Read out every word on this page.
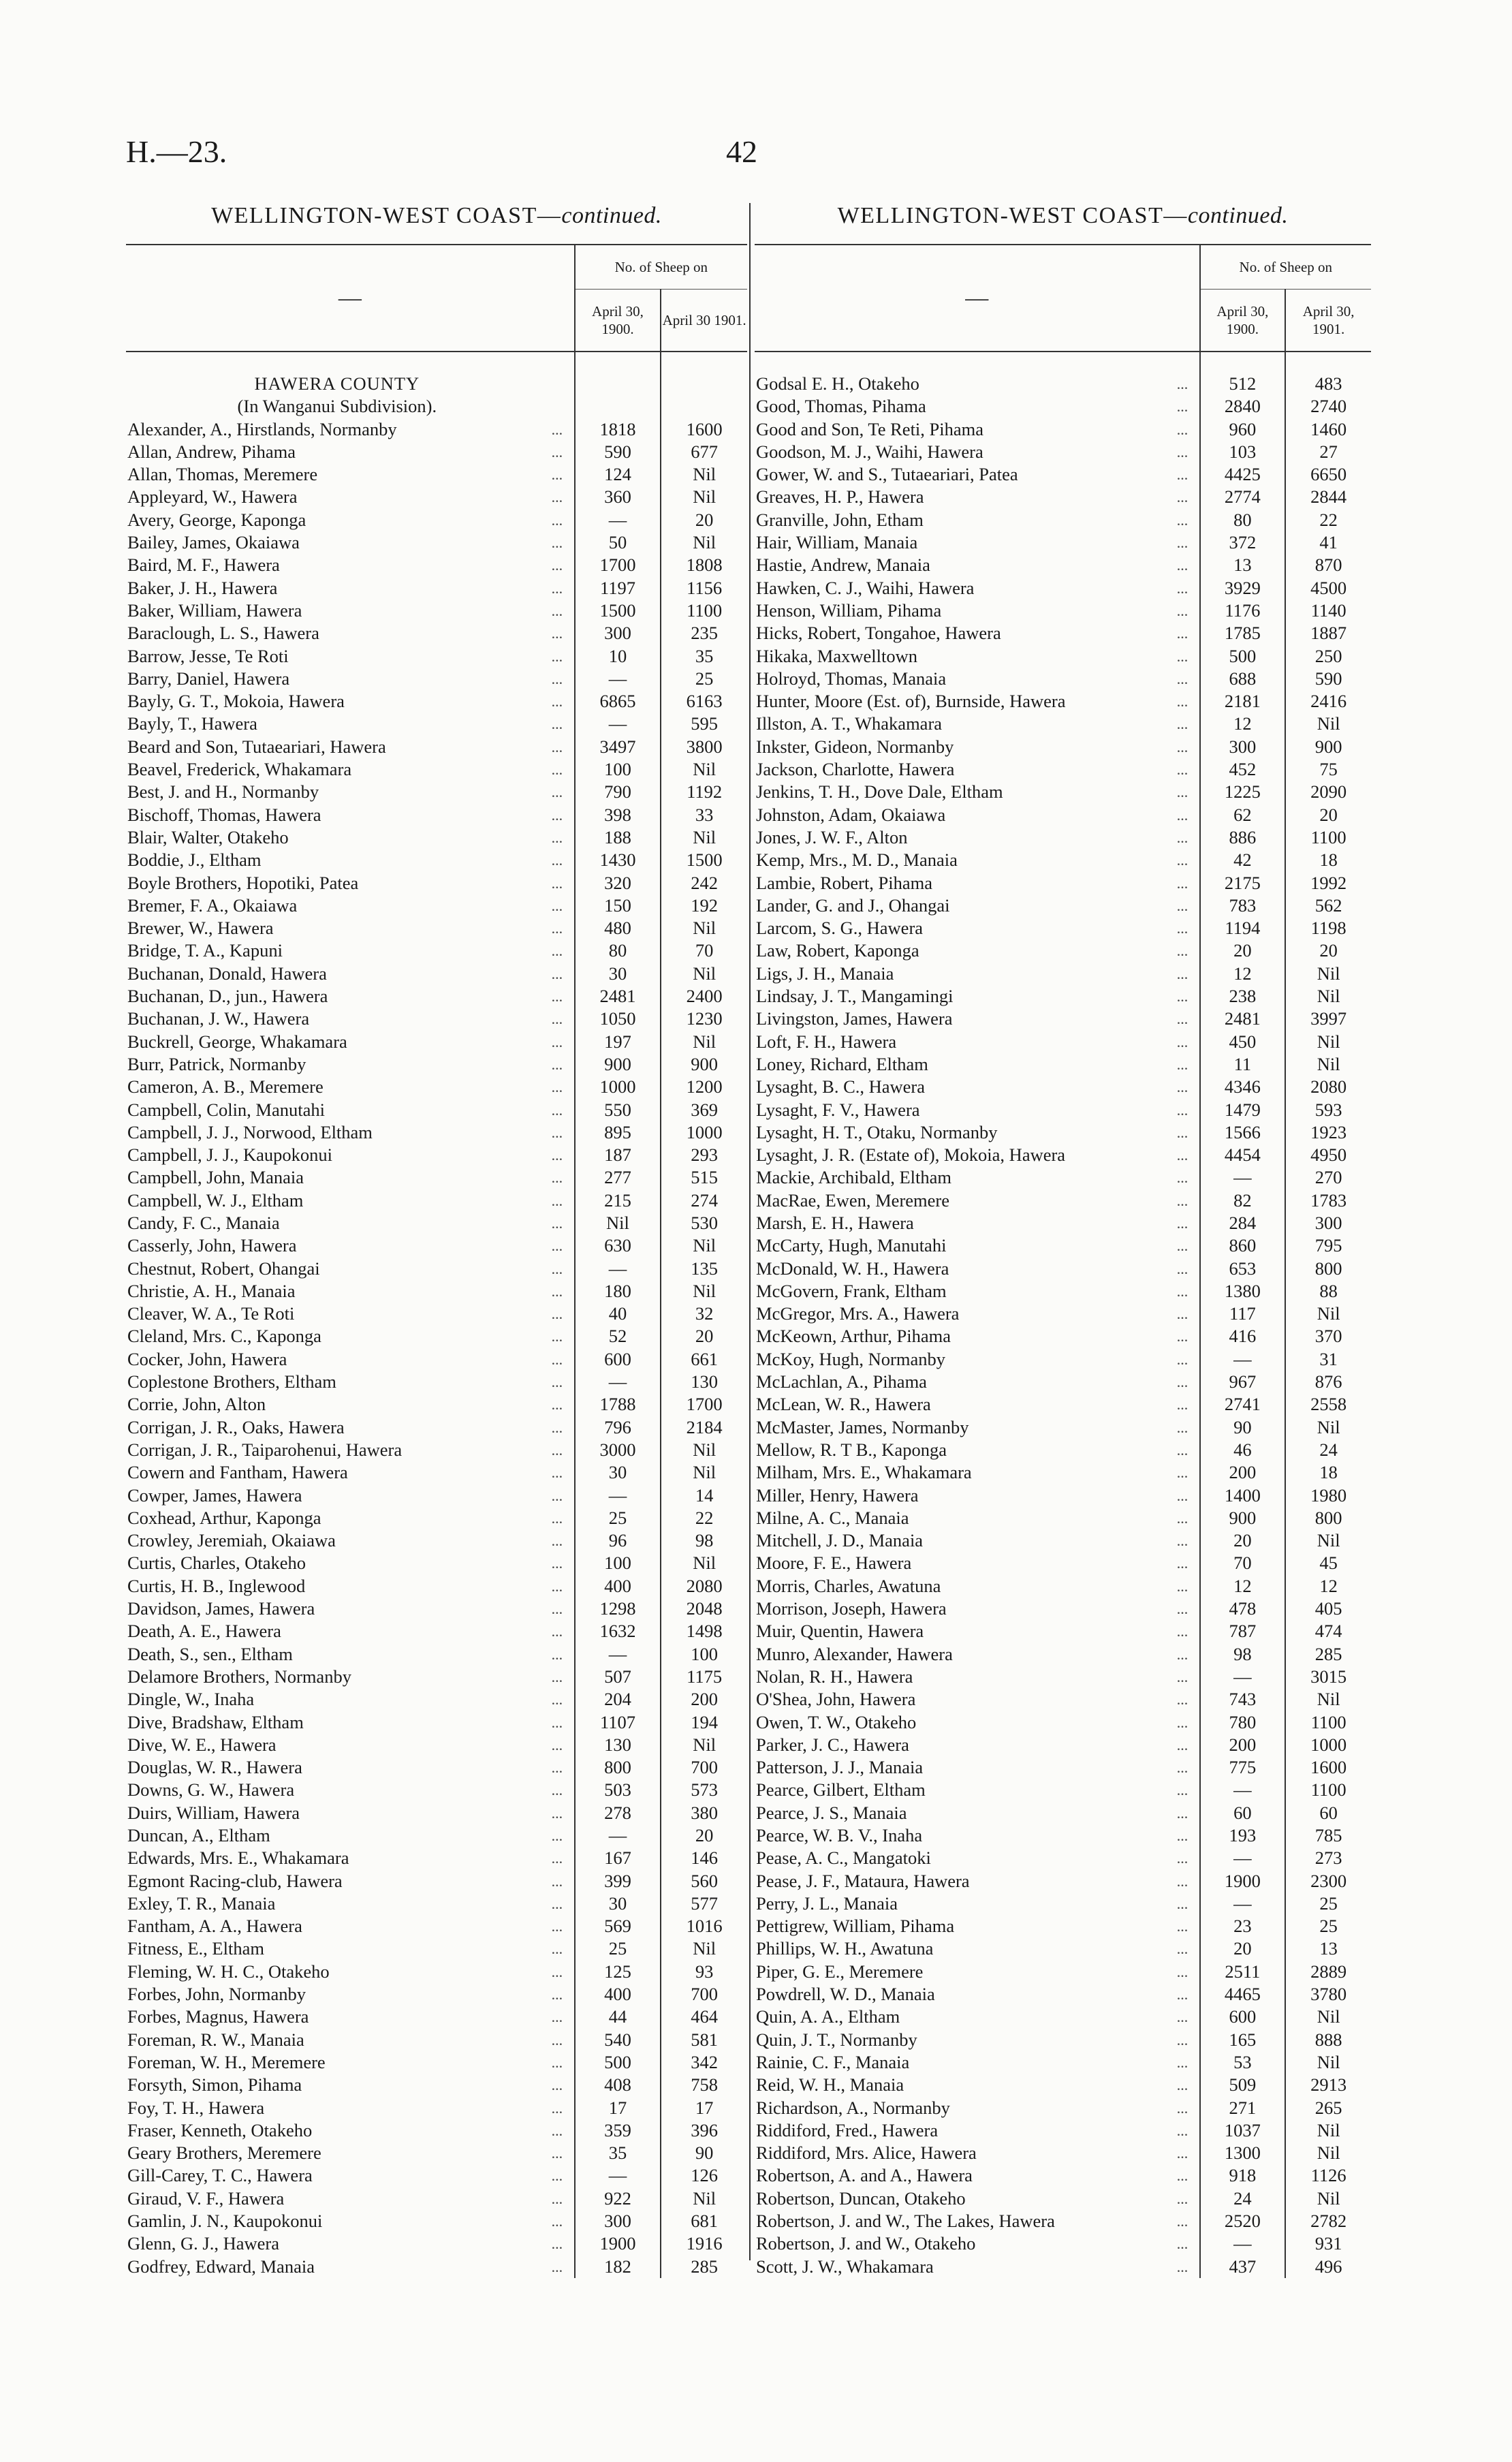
H.—23.	42
WELLINGTON-WEST COAST—continued.
—		No. of Sheep on	
		April 30, 1900.	April 30 1901.

HAWERA COUNTY			
(In Wanganui Subdivision).			
Alexander, A., Hirstlands, Normanby	...	1818	1600
Allan, Andrew, Pihama	...	590	677
Allan, Thomas, Meremere	...	124	Nil
Appleyard, W., Hawera	...	360	Nil
Avery, George, Kaponga	...	—	20
Bailey, James, Okaiawa	...	50	Nil
Baird, M. F., Hawera	...	1700	1808
Baker, J. H., Hawera	...	1197	1156
Baker, William, Hawera	...	1500	1100
Baraclough, L. S., Hawera	...	300	235
Barrow, Jesse, Te Roti	...	10	35
Barry, Daniel, Hawera	...	—	25
Bayly, G. T., Mokoia, Hawera	...	6865	6163
Bayly, T., Hawera	...	—	595
Beard and Son, Tutaeariari, Hawera	...	3497	3800
Beavel, Frederick, Whakamara	...	100	Nil
Best, J. and H., Normanby	...	790	1192
Bischoff, Thomas, Hawera	...	398	33
Blair, Walter, Otakeho	...	188	Nil
Boddie, J., Eltham	...	1430	1500
Boyle Brothers, Hopotiki, Patea	...	320	242
Bremer, F. A., Okaiawa	...	150	192
Brewer, W., Hawera	...	480	Nil
Bridge, T. A., Kapuni	...	80	70
Buchanan, Donald, Hawera	...	30	Nil
Buchanan, D., jun., Hawera	...	2481	2400
Buchanan, J. W., Hawera	...	1050	1230
Buckrell, George, Whakamara	...	197	Nil
Burr, Patrick, Normanby	...	900	900
Cameron, A. B., Meremere	...	1000	1200
Campbell, Colin, Manutahi	...	550	369
Campbell, J. J., Norwood, Eltham	...	895	1000
Campbell, J. J., Kaupokonui	...	187	293
Campbell, John, Manaia	...	277	515
Campbell, W. J., Eltham	...	215	274
Candy, F. C., Manaia	...	Nil	530
Casserly, John, Hawera	...	630	Nil
Chestnut, Robert, Ohangai	...	—	135
Christie, A. H., Manaia	...	180	Nil
Cleaver, W. A., Te Roti	...	40	32
Cleland, Mrs. C., Kaponga	...	52	20
Cocker, John, Hawera	...	600	661
Coplestone Brothers, Eltham	...	—	130
Corrie, John, Alton	...	1788	1700
Corrigan, J. R., Oaks, Hawera	...	796	2184
Corrigan, J. R., Taiparohenui, Hawera	...	3000	Nil
Cowern and Fantham, Hawera	...	30	Nil
Cowper, James, Hawera	...	—	14
Coxhead, Arthur, Kaponga	...	25	22
Crowley, Jeremiah, Okaiawa	...	96	98
Curtis, Charles, Otakeho	...	100	Nil
Curtis, H. B., Inglewood	...	400	2080
Davidson, James, Hawera	...	1298	2048
Death, A. E., Hawera	...	1632	1498
Death, S., sen., Eltham	...	—	100
Delamore Brothers, Normanby	...	507	1175
Dingle, W., Inaha	...	204	200
Dive, Bradshaw, Eltham	...	1107	194
Dive, W. E., Hawera	...	130	Nil
Douglas, W. R., Hawera	...	800	700
Downs, G. W., Hawera	...	503	573
Duirs, William, Hawera	...	278	380
Duncan, A., Eltham	...	—	20
Edwards, Mrs. E., Whakamara	...	167	146
Egmont Racing-club, Hawera	...	399	560
Exley, T. R., Manaia	...	30	577
Fantham, A. A., Hawera	...	569	1016
Fitness, E., Eltham	...	25	Nil
Fleming, W. H. C., Otakeho	...	125	93
Forbes, John, Normanby	...	400	700
Forbes, Magnus, Hawera	...	44	464
Foreman, R. W., Manaia	...	540	581
Foreman, W. H., Meremere	...	500	342
Forsyth, Simon, Pihama	...	408	758
Foy, T. H., Hawera	...	17	17
Fraser, Kenneth, Otakeho	...	359	396
Geary Brothers, Meremere	...	35	90
Gill-Carey, T. C., Hawera	...	—	126
Giraud, V. F., Hawera	...	922	Nil
Gamlin, J. N., Kaupokonui	...	300	681
Glenn, G. J., Hawera	...	1900	1916
Godfrey, Edward, Manaia	...	182	285
WELLINGTON-WEST COAST—continued.
—		No. of Sheep on	
		April 30, 1900.	April 30, 1901.

Godsal E. H., Otakeho	...	512	483
Good, Thomas, Pihama	...	2840	2740
Good and Son, Te Reti, Pihama	...	960	1460
Goodson, M. J., Waihi, Hawera	...	103	27
Gower, W. and S., Tutaeariari, Patea	...	4425	6650
Greaves, H. P., Hawera	...	2774	2844
Granville, John, Etham	...	80	22
Hair, William, Manaia	...	372	41
Hastie, Andrew, Manaia	...	13	870
Hawken, C. J., Waihi, Hawera	...	3929	4500
Henson, William, Pihama	...	1176	1140
Hicks, Robert, Tongahoe, Hawera	...	1785	1887
Hikaka, Maxwelltown	...	500	250
Holroyd, Thomas, Manaia	...	688	590
Hunter, Moore (Est. of), Burnside, Hawera	...	2181	2416
Illston, A. T., Whakamara	...	12	Nil
Inkster, Gideon, Normanby	...	300	900
Jackson, Charlotte, Hawera	...	452	75
Jenkins, T. H., Dove Dale, Eltham	...	1225	2090
Johnston, Adam, Okaiawa	...	62	20
Jones, J. W. F., Alton	...	886	1100
Kemp, Mrs., M. D., Manaia	...	42	18
Lambie, Robert, Pihama	...	2175	1992
Lander, G. and J., Ohangai	...	783	562
Larcom, S. G., Hawera	...	1194	1198
Law, Robert, Kaponga	...	20	20
Ligs, J. H., Manaia	...	12	Nil
Lindsay, J. T., Mangamingi	...	238	Nil
Livingston, James, Hawera	...	2481	3997
Loft, F. H., Hawera	...	450	Nil
Loney, Richard, Eltham	...	11	Nil
Lysaght, B. C., Hawera	...	4346	2080
Lysaght, F. V., Hawera	...	1479	593
Lysaght, H. T., Otaku, Normanby	...	1566	1923
Lysaght, J. R. (Estate of), Mokoia, Hawera	...	4454	4950
Mackie, Archibald, Eltham	...	—	270
MacRae, Ewen, Meremere	...	82	1783
Marsh, E. H., Hawera	...	284	300
McCarty, Hugh, Manutahi	...	860	795
McDonald, W. H., Hawera	...	653	800
McGovern, Frank, Eltham	...	1380	88
McGregor, Mrs. A., Hawera	...	117	Nil
McKeown, Arthur, Pihama	...	416	370
McKoy, Hugh, Normanby	...	—	31
McLachlan, A., Pihama	...	967	876
McLean, W. R., Hawera	...	2741	2558
McMaster, James, Normanby	...	90	Nil
Mellow, R. T B., Kaponga	...	46	24
Milham, Mrs. E., Whakamara	...	200	18
Miller, Henry, Hawera	...	1400	1980
Milne, A. C., Manaia	...	900	800
Mitchell, J. D., Manaia	...	20	Nil
Moore, F. E., Hawera	...	70	45
Morris, Charles, Awatuna	...	12	12
Morrison, Joseph, Hawera	...	478	405
Muir, Quentin, Hawera	...	787	474
Munro, Alexander, Hawera	...	98	285
Nolan, R. H., Hawera	...	—	3015
O'Shea, John, Hawera	...	743	Nil
Owen, T. W., Otakeho	...	780	1100
Parker, J. C., Hawera	...	200	1000
Patterson, J. J., Manaia	...	775	1600
Pearce, Gilbert, Eltham	...	—	1100
Pearce, J. S., Manaia	...	60	60
Pearce, W. B. V., Inaha	...	193	785
Pease, A. C., Mangatoki	...	—	273
Pease, J. F., Mataura, Hawera	...	1900	2300
Perry, J. L., Manaia	...	—	25
Pettigrew, William, Pihama	...	23	25
Phillips, W. H., Awatuna	...	20	13
Piper, G. E., Meremere	...	2511	2889
Powdrell, W. D., Manaia	...	4465	3780
Quin, A. A., Eltham	...	600	Nil
Quin, J. T., Normanby	...	165	888
Rainie, C. F., Manaia	...	53	Nil
Reid, W. H., Manaia	...	509	2913
Richardson, A., Normanby	...	271	265
Riddiford, Fred., Hawera	...	1037	Nil
Riddiford, Mrs. Alice, Hawera	...	1300	Nil
Robertson, A. and A., Hawera	...	918	1126
Robertson, Duncan, Otakeho	...	24	Nil
Robertson, J. and W., The Lakes, Hawera	...	2520	2782
Robertson, J. and W., Otakeho	...	—	931
Scott, J. W., Whakamara	...	437	496
